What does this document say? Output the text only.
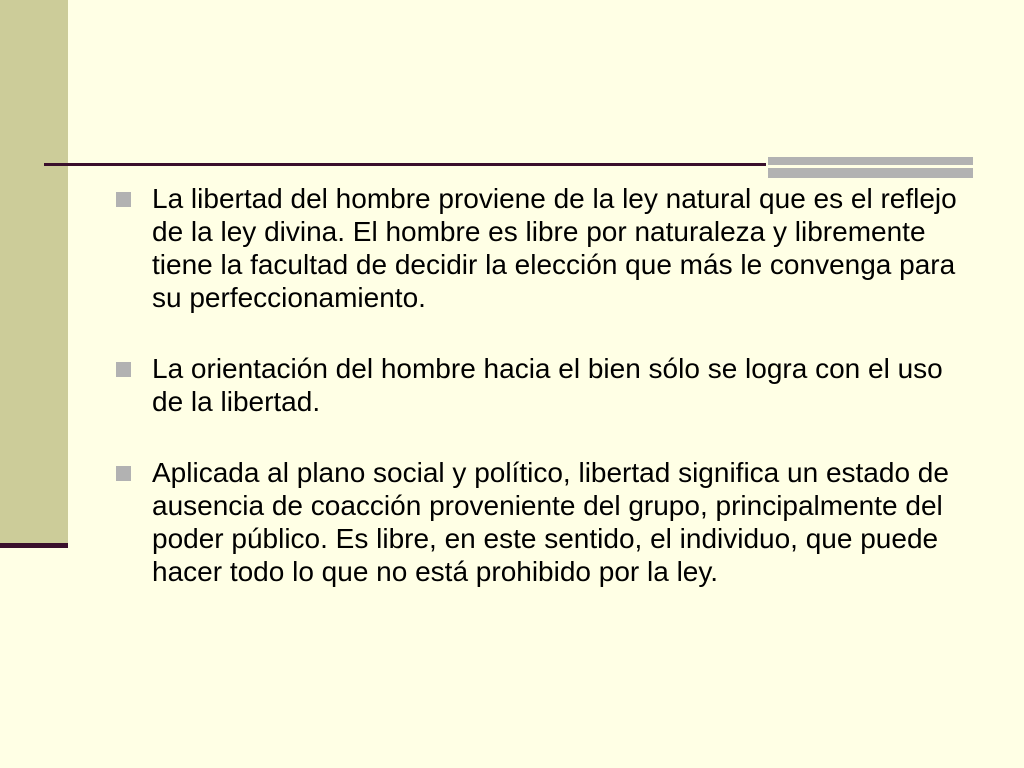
La libertad del hombre proviene de la ley natural que es el reflejo de la ley divina. El hombre es libre por naturaleza y libremente tiene la facultad de decidir la elección que más le convenga para su perfeccionamiento.
La orientación del hombre hacia el bien sólo se logra con el uso de la libertad.
Aplicada al plano social y político, libertad significa un estado de ausencia de coacción proveniente del grupo, principalmente del poder público. Es libre, en este sentido, el individuo, que puede hacer todo lo que no está prohibido por la ley.
